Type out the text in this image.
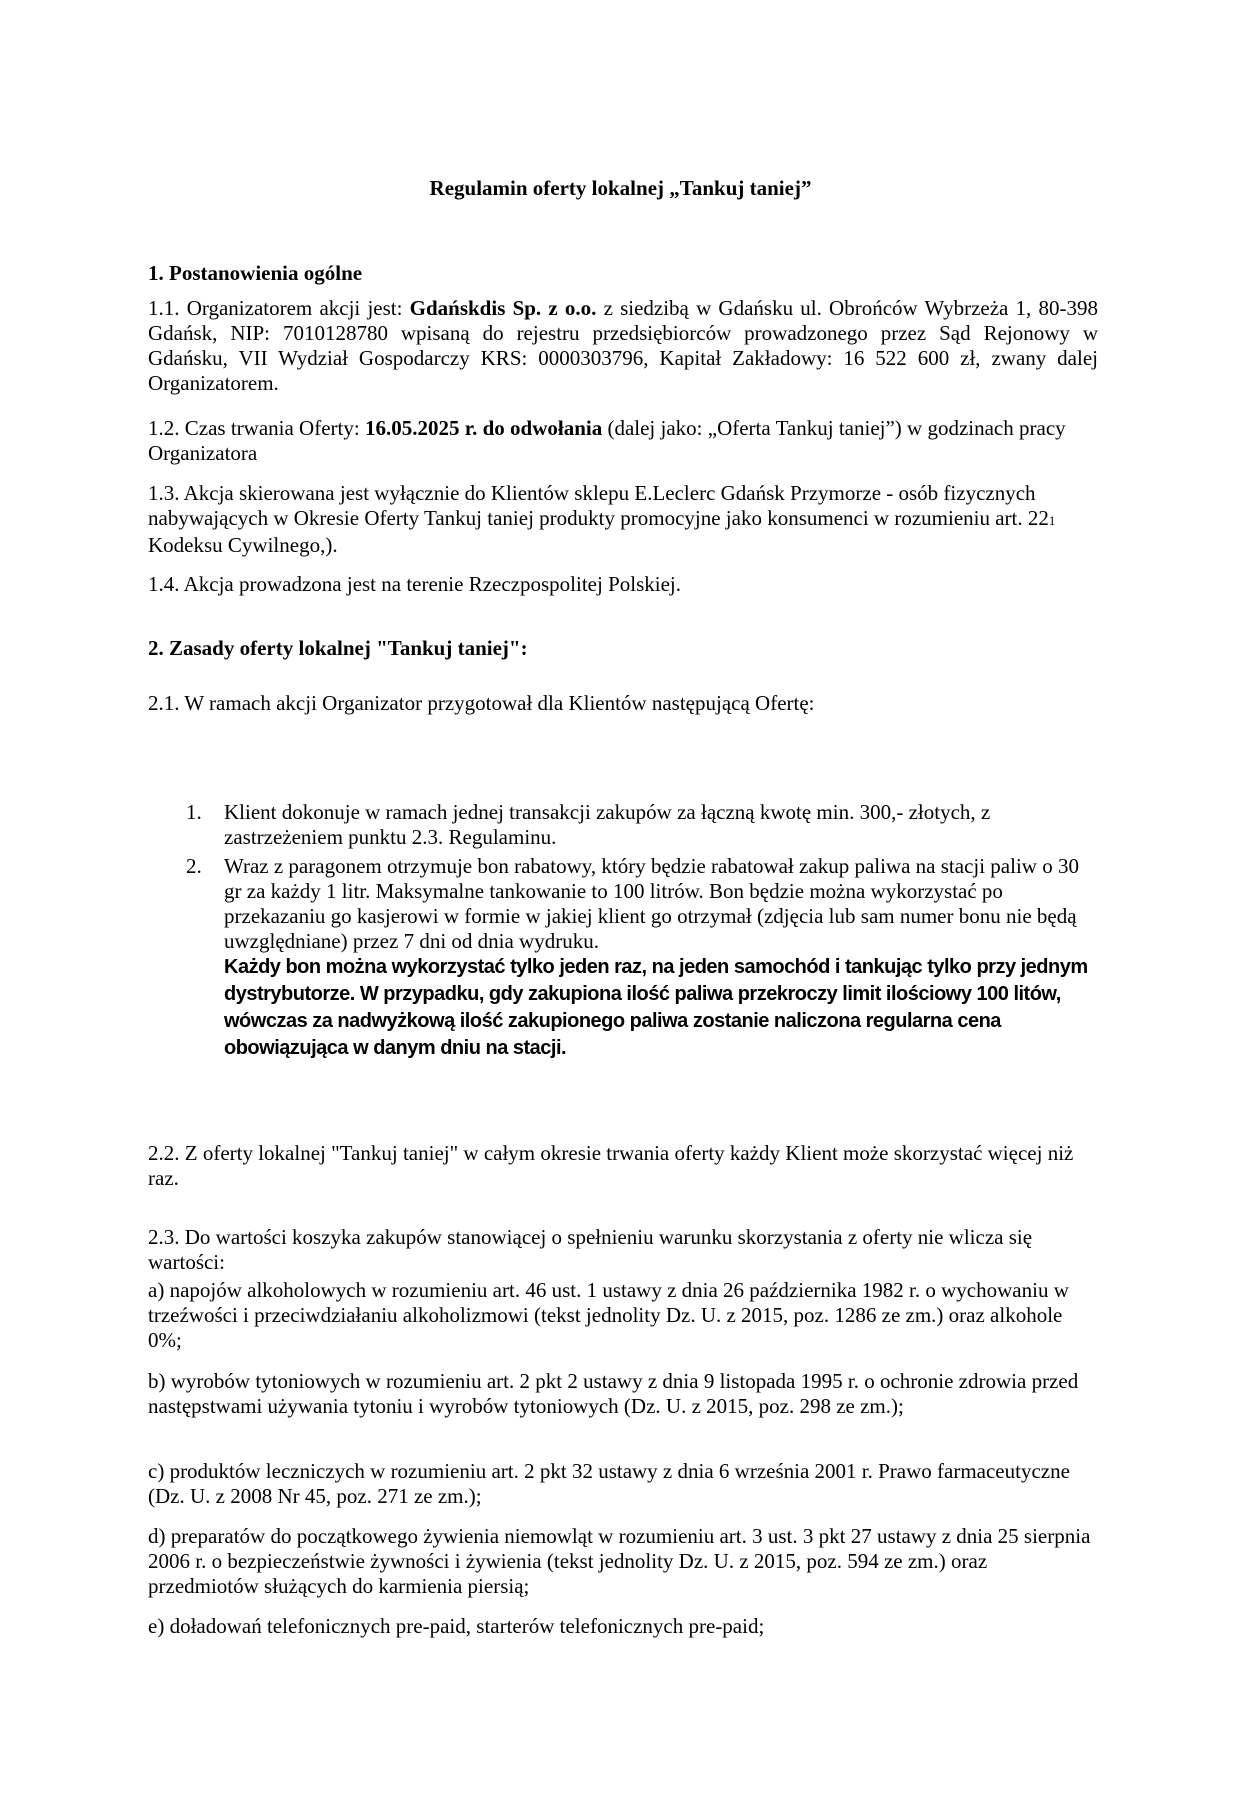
Regulamin oferty lokalnej „Tankuj taniej”
1. Postanowienia ogólne

1.1. Organizatorem akcji jest: Gdańskdis Sp. z o.o. z siedzibą w Gdańsku ul. Obrońców Wybrzeża 1, 80-398 Gdańsk, NIP: 7010128780 wpisaną do rejestru przedsiębiorców prowadzonego przez Sąd Rejonowy w Gdańsku, VII Wydział Gospodarczy KRS: 0000303796, Kapitał Zakładowy: 16 522 600 zł, zwany dalej Organizatorem.

1.2. Czas trwania Oferty: 16.05.2025 r. do odwołania (dalej jako: „Oferta Tankuj taniej”) w godzinach pracy Organizatora

1.3. Akcja skierowana jest wyłącznie do Klientów sklepu E.Leclerc Gdańsk Przymorze - osób fizycznych nabywających w Okresie Oferty Tankuj taniej produkty promocyjne jako konsumenci w rozumieniu art. 221 Kodeksu Cywilnego,).

1.4. Akcja prowadzona jest na terenie Rzeczpospolitej Polskiej.

2. Zasady oferty lokalnej "Tankuj taniej":

2.1. W ramach akcji Organizator przygotował dla Klientów następującą Ofertę:

1.	Klient dokonuje w ramach jednej transakcji zakupów za łączną kwotę min. 300,- złotych, z zastrzeżeniem punktu 2.3. Regulaminu.
2.	Wraz z paragonem otrzymuje bon rabatowy, który będzie rabatował zakup paliwa na stacji paliw o 30 gr za każdy 1 litr. Maksymalne tankowanie to 100 litrów. Bon będzie można wykorzystać po przekazaniu go kasjerowi w formie w jakiej klient go otrzymał (zdjęcia lub sam numer bonu nie będą uwzględniane) przez 7 dni od dnia wydruku.
Każdy bon można wykorzystać tylko jeden raz, na jeden samochód i tankując tylko przy jednym dystrybutorze. W przypadku, gdy zakupiona ilość paliwa przekroczy limit ilościowy 100 litów, wówczas za nadwyżkową ilość zakupionego paliwa zostanie naliczona regularna cena obowiązująca w danym dniu na stacji.

2.2. Z oferty lokalnej "Tankuj taniej" w całym okresie trwania oferty każdy Klient może skorzystać więcej niż raz.

2.3. Do wartości koszyka zakupów stanowiącej o spełnieniu warunku skorzystania z oferty nie wlicza się wartości:

a) napojów alkoholowych w rozumieniu art. 46 ust. 1 ustawy z dnia 26 października 1982 r. o wychowaniu w trzeźwości i przeciwdziałaniu alkoholizmowi (tekst jednolity Dz. U. z 2015, poz. 1286 ze zm.) oraz alkohole 0%;

b) wyrobów tytoniowych w rozumieniu art. 2 pkt 2 ustawy z dnia 9 listopada 1995 r. o ochronie zdrowia przed następstwami używania tytoniu i wyrobów tytoniowych (Dz. U. z 2015, poz. 298 ze zm.);

c) produktów leczniczych w rozumieniu art. 2 pkt 32 ustawy z dnia 6 września 2001 r. Prawo farmaceutyczne (Dz. U. z 2008 Nr 45, poz. 271 ze zm.);

d) preparatów do początkowego żywienia niemowląt w rozumieniu art. 3 ust. 3 pkt 27 ustawy z dnia 25 sierpnia 2006 r. o bezpieczeństwie żywności i żywienia (tekst jednolity Dz. U. z 2015, poz. 594 ze zm.) oraz przedmiotów służących do karmienia piersią;

e) doładowań telefonicznych pre-paid, starterów telefonicznych pre-paid;
